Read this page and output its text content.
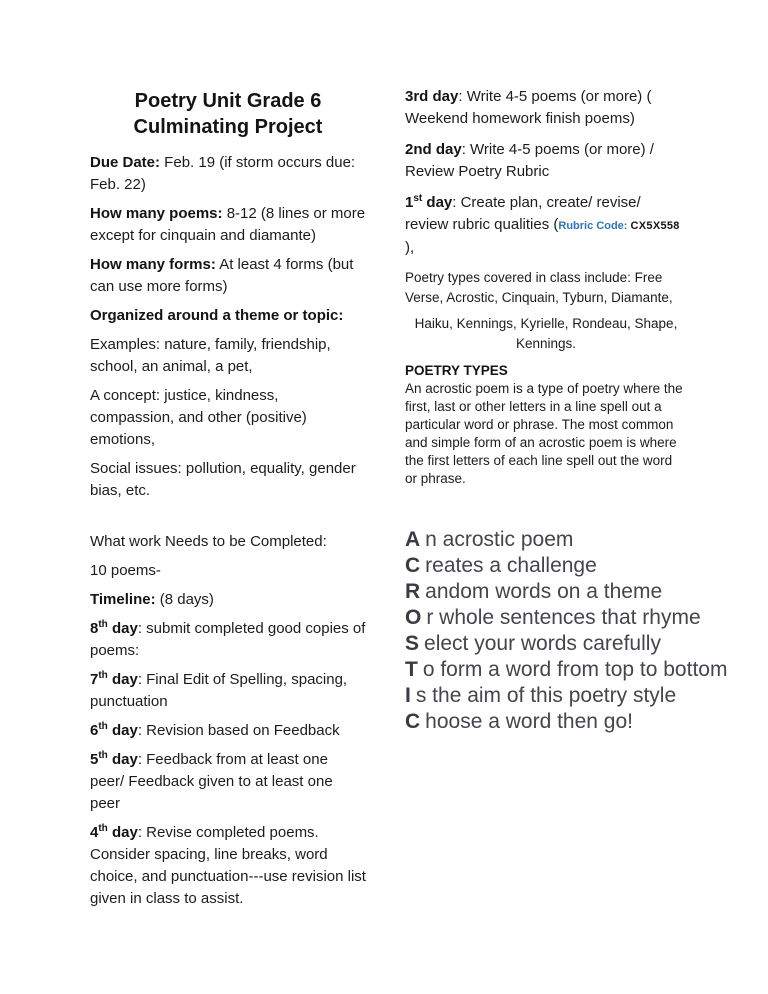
Poetry Unit Grade 6
Culminating Project

Due Date: Feb. 19 (if storm occurs due: Feb. 22)

How many poems: 8-12 (8 lines or more except for cinquain and diamante)

How many forms: At least 4 forms (but can use more forms)

Organized around a theme or topic:

Examples: nature, family, friendship, school, an animal, a pet,

A concept: justice, kindness, compassion, and other (positive) emotions,

Social issues: pollution, equality, gender bias, etc.

What work Needs to be Completed:

10 poems-

Timeline: (8 days)

8th day: submit completed good copies of poems:

7th day: Final Edit of Spelling, spacing, punctuation

6th day: Revision based on Feedback

5th day: Feedback from at least one peer/ Feedback given to at least one peer

4th day: Revise completed poems. Consider spacing, line breaks, word choice, and punctuation---use revision list given in class to assist.

3rd day: Write 4-5 poems (or more) ( Weekend homework finish poems)

2nd day: Write 4-5 poems (or more) / Review Poetry Rubric

1st day: Create plan, create/ revise/ review rubric qualities (Rubric Code: CX5X558 ),

Poetry types covered in class include: Free Verse, Acrostic, Cinquain, Tyburn, Diamante,

Haiku, Kennings, Kyrielle, Rondeau, Shape, Kennings.

POETRY TYPES

An acrostic poem is a type of poetry where the first, last or other letters in a line spell out a particular word or phrase. The most common and simple form of an acrostic poem is where the first letters of each line spell out the word or phrase.

A n acrostic poem
C reates a challenge
R andom words on a theme
O r whole sentences that rhyme
S elect your words carefully
T o form a word from top to bottom
I s the aim of this poetry style
C hoose a word then go!
